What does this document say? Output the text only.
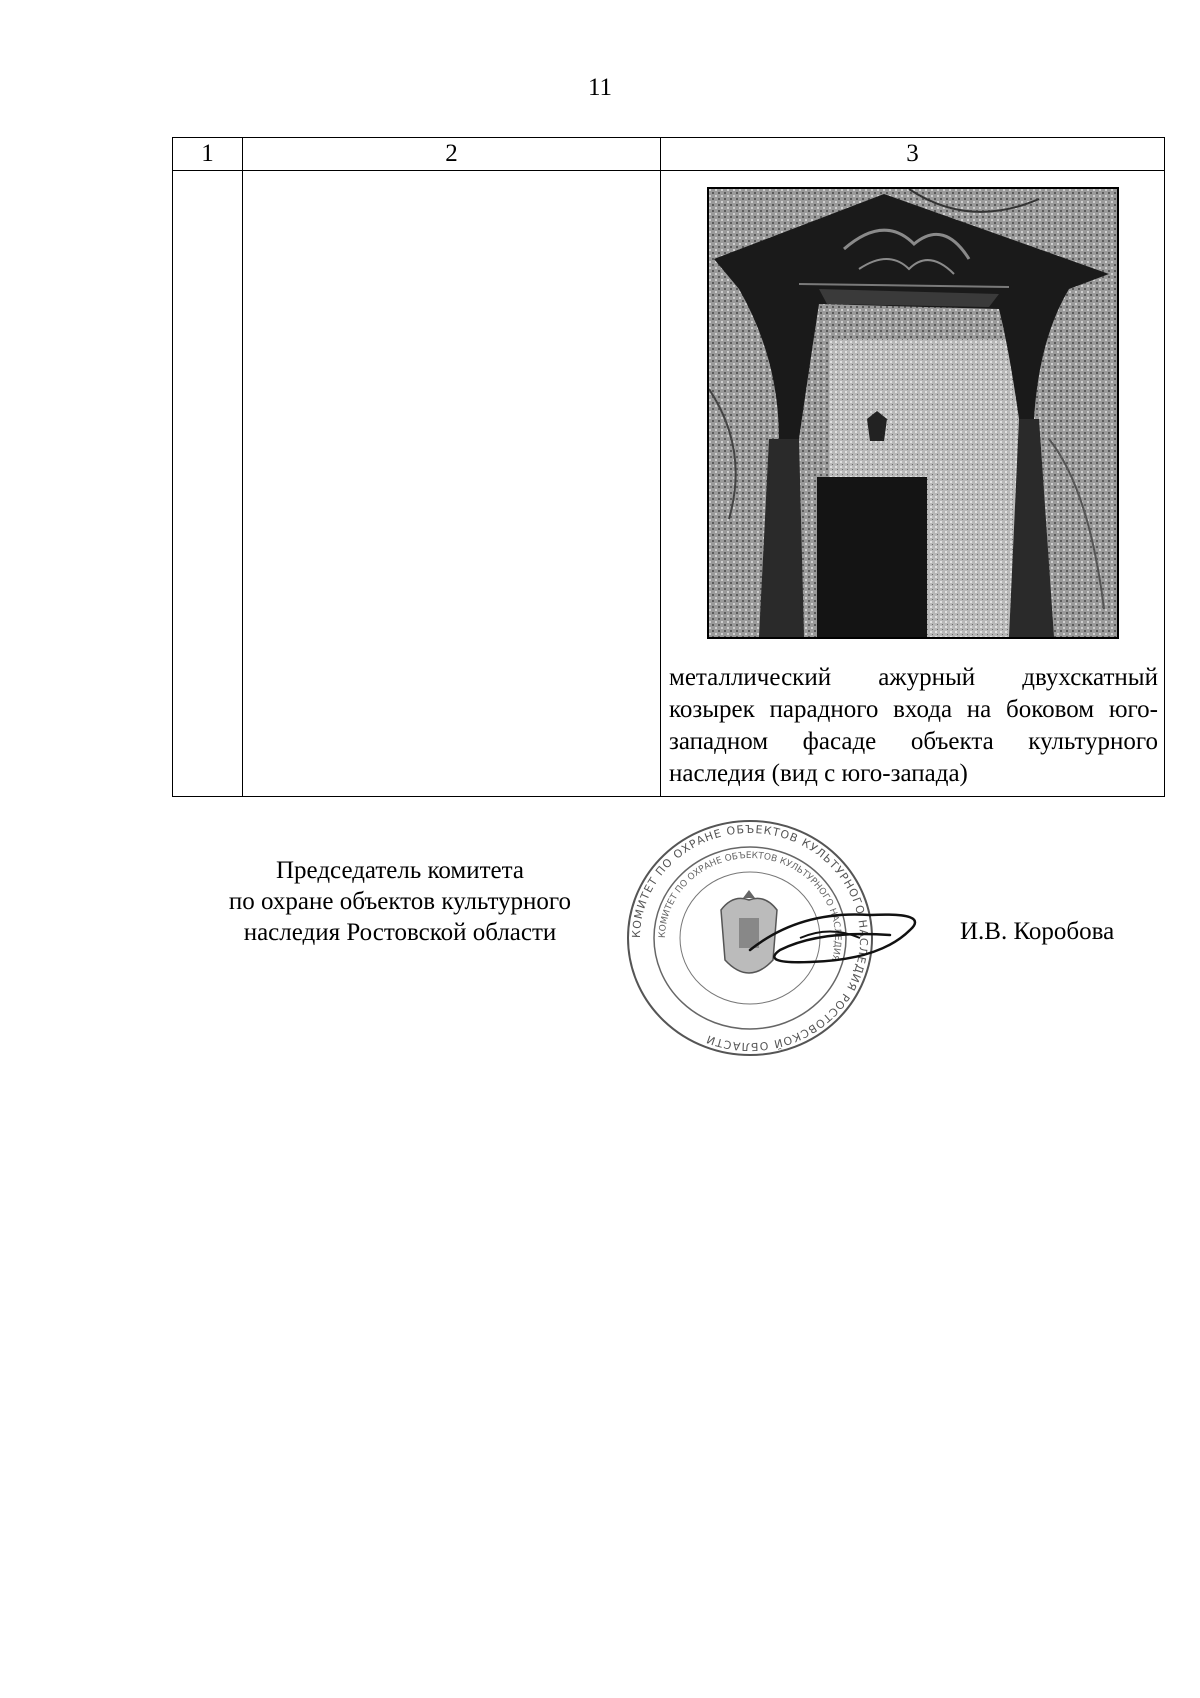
11
1	2	3

		металлический ажурный двухскатный козырек парадного входа на боковом юго-западном фасаде объекта культурного наследия (вид с юго-запада)
Председатель комитета
по охране объектов культурного
наследия Ростовской области	КОМИТЕТ ПО ОХРАНЕ ОБЪЕКТОВ КУЛЬТУРНОГО НАСЛЕДИЯ РОСТОВСКОЙ ОБЛАСТИ
КОМИТЕТ ПО ОХРАНЕ ОБЪЕКТОВ КУЛЬТУРНОГО НАСЛЕДИЯ
И.В. Коробова
